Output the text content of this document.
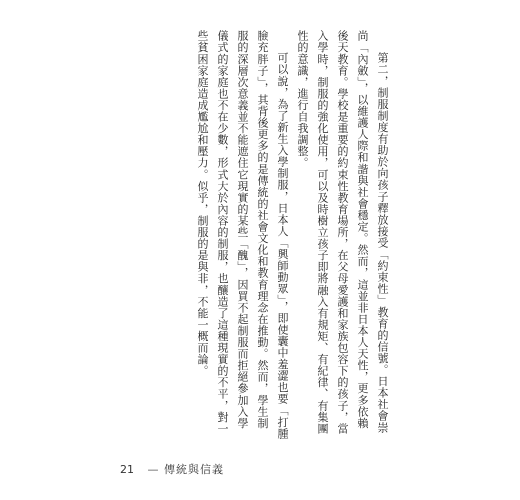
第二，制服制度有助於向孩子釋放接受「約束性」教育的信號。日本社會崇尚「內斂」，以維護人際和諧與社會穩定。然而，這並非日本人天性，更多依賴後天教育。學校是重要的約束性教育場所，在父母愛護和家族包容下的孩子，當入學時，制服的強化使用，可以及時樹立孩子即將融入有規矩、有紀律、有集團性的意識，進行自我調整。

可以說，為了新生入學制服，日本人「興師動眾」，即使囊中羞澀也要「打腫臉充胖子」，其背後更多的是傳統的社會文化和教育理念在推動。然而，學生制服的深層次意義並不能遮住它現實的某些「醜」，因買不起制服而拒絕參加入學儀式的家庭也不在少數，形式大於內容的制服，也釀造了這種現實的不平，對一些貧困家庭造成尷尬和壓力。似乎，制服的是與非，不能一概而論。

21 — 傳統與信義
